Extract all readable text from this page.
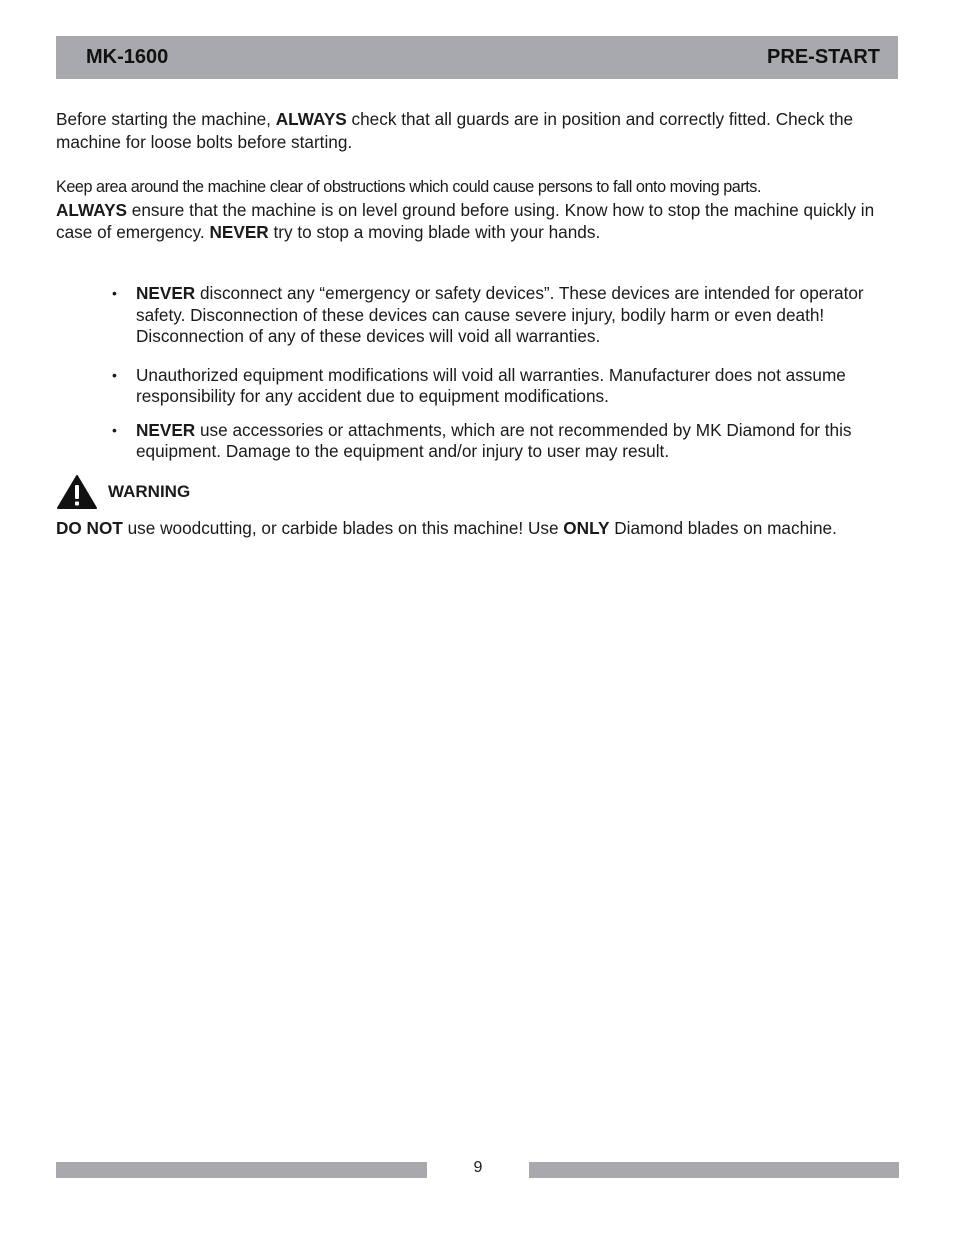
MK-1600	PRE-START
Before starting the machine, ALWAYS check that all guards are in position and correctly fitted. Check the machine for loose bolts before starting.
Keep area around the machine clear of obstructions which could cause persons to fall onto moving parts.
ALWAYS ensure that the machine is on level ground before using. Know how to stop the machine quickly in case of emergency. NEVER try to stop a moving blade with your hands.
• NEVER disconnect any “emergency or safety devices”. These devices are intended for operator safety. Disconnection of these devices can cause severe injury, bodily harm or even death! Disconnection of any of these devices will void all warranties.
• Unauthorized equipment modifications will void all warranties. Manufacturer does not assume responsibility for any accident due to equipment modifications.
• NEVER use accessories or attachments, which are not recommended by MK Diamond for this equipment. Damage to the equipment and/or injury to user may result.
WARNING
DO NOT use woodcutting, or carbide blades on this machine! Use ONLY Diamond blades on machine.
9
